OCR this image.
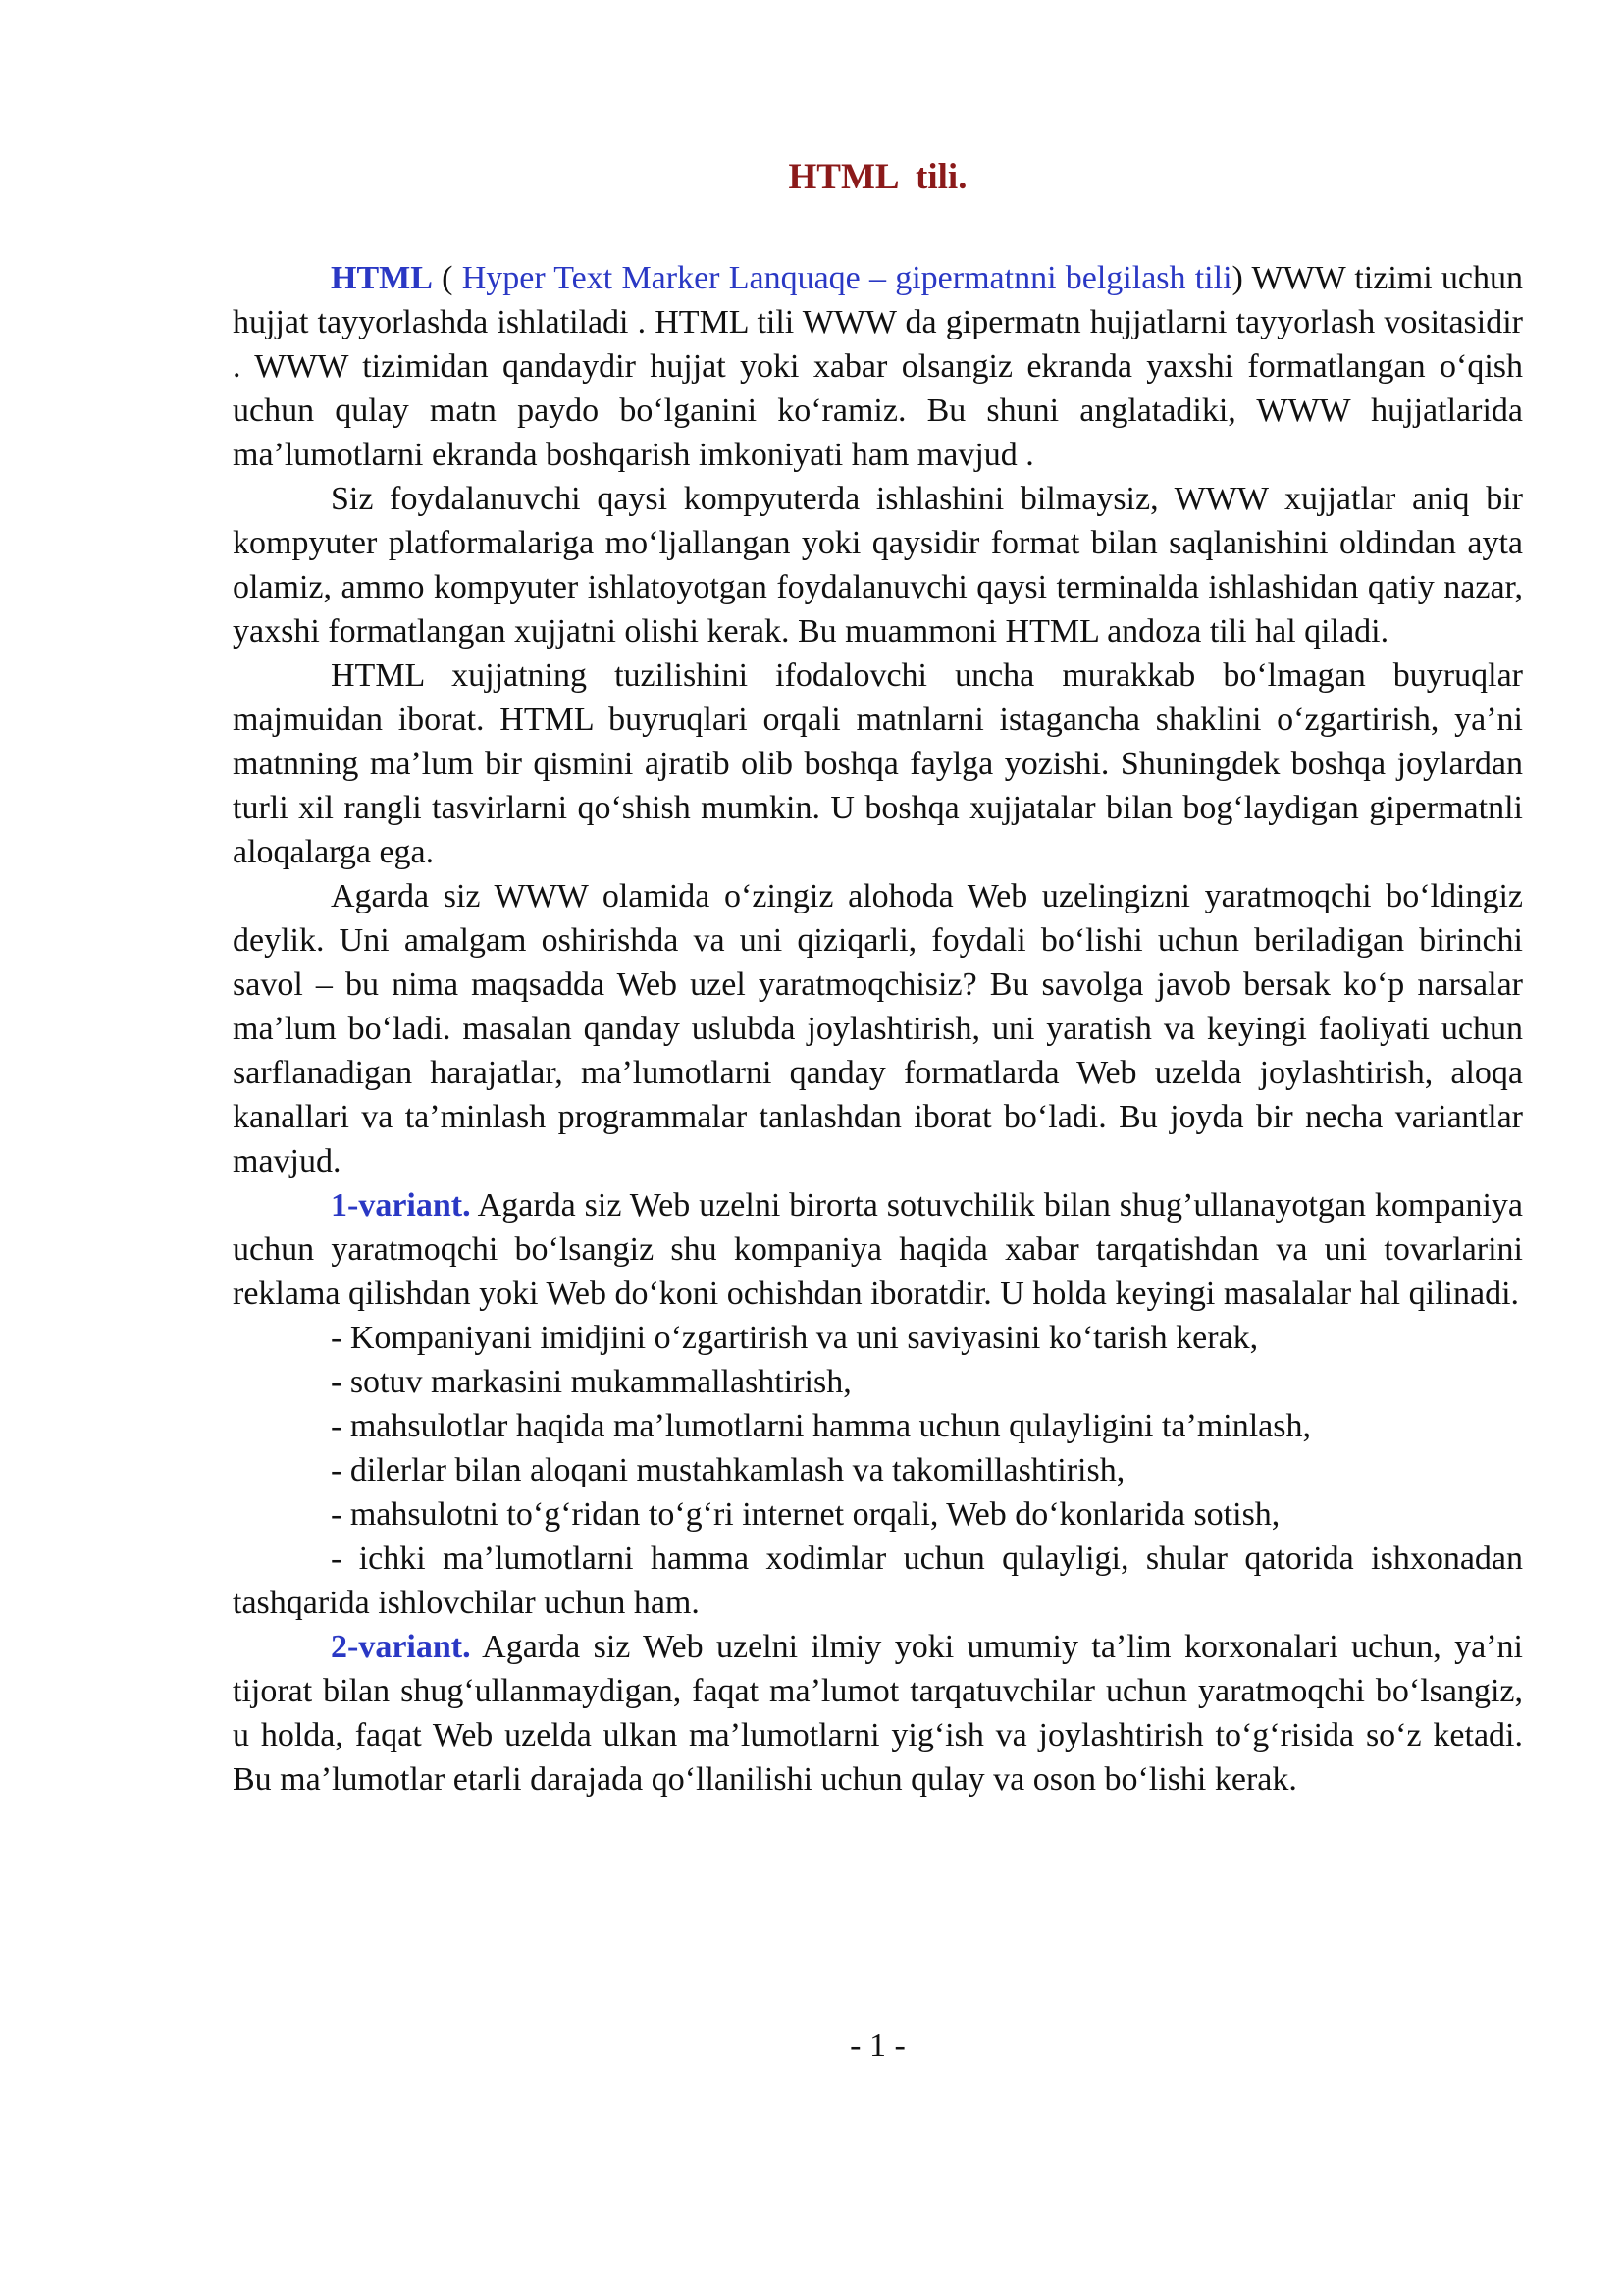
HTML  tili.

HTML ( Hyper Text Marker Lanquaqe – gipermatnni belgilash tili) WWW tizimi uchun hujjat tayyorlashda ishlatiladi . HTML tili WWW da gipermatn hujjatlarni tayyorlash vositasidir . WWW tizimidan qandaydir hujjat yoki xabar olsangiz ekranda yaxshi formatlangan oʻqish uchun qulay matn paydo boʻlganini koʻramiz. Bu shuni anglatadiki, WWW hujjatlarida maʼlumotlarni ekranda boshqarish imkoniyati ham mavjud .

Siz foydalanuvchi qaysi kompyuterda ishlashini bilmaysiz, WWW xujjatlar aniq bir kompyuter platformalariga moʻljallangan yoki qaysidir format bilan saqlanishini oldindan ayta olamiz, ammo kompyuter ishlatoyotgan foydalanuvchi qaysi terminalda ishlashidan qatiy nazar, yaxshi formatlangan xujjatni olishi kerak. Bu muammoni HTML andoza tili hal qiladi.

HTML xujjatning tuzilishini ifodalovchi uncha murakkab boʻlmagan buyruqlar majmuidan iborat. HTML buyruqlari orqali matnlarni istagancha shaklini oʻzgartirish, yaʼni matnning maʼlum bir qismini ajratib olib boshqa faylga yozishi. Shuningdek boshqa joylardan turli xil rangli tasvirlarni qoʻshish mumkin. U boshqa xujjatalar bilan bogʻlaydigan gipermatnli aloqalarga ega.

Agarda siz WWW olamida oʻzingiz alohoda Web uzelingizni yaratmoqchi boʻldingiz deylik. Uni amalgam oshirishda va uni qiziqarli, foydali boʻlishi uchun beriladigan birinchi savol – bu nima maqsadda Web uzel yaratmoqchisiz? Bu savolga javob bersak koʻp narsalar maʼlum boʻladi. masalan qanday uslubda joylashtirish, uni yaratish va keyingi faoliyati uchun sarflanadigan harajatlar, maʼlumotlarni qanday formatlarda Web uzelda joylashtirish, aloqa kanallari va taʼminlash programmalar tanlashdan iborat boʻladi. Bu joyda bir necha variantlar mavjud.

1-variant. Agarda siz Web uzelni birorta sotuvchilik bilan shug’ullanayotgan kompaniya uchun yaratmoqchi boʻlsangiz shu kompaniya haqida xabar tarqatishdan va uni tovarlarini reklama qilishdan yoki Web doʻkoni ochishdan iboratdir. U holda keyingi masalalar hal qilinadi.

- Kompaniyani imidjini oʻzgartirish va uni saviyasini koʻtarish kerak,

- sotuv markasini mukammallashtirish,

- mahsulotlar haqida maʼlumotlarni hamma uchun qulayligini taʼminlash,

- dilerlar bilan aloqani mustahkamlash va takomillashtirish,

- mahsulotni toʻgʻridan toʻgʻri internet orqali, Web doʻkonlarida sotish,

- ichki maʼlumotlarni hamma xodimlar uchun qulayligi, shular qatorida ishxonadan tashqarida ishlovchilar uchun ham.

2-variant. Agarda siz Web uzelni ilmiy yoki umumiy taʼlim korxonalari uchun, yaʼni tijorat bilan shugʻullanmaydigan, faqat maʼlumot tarqatuvchilar uchun yaratmoqchi boʻlsangiz, u holda, faqat Web uzelda ulkan maʼlumotlarni yigʻish va joylashtirish toʻgʻrisida soʻz ketadi. Bu maʼlumotlar etarli darajada qoʻllanilishi uchun qulay va oson boʻlishi kerak.

- 1 -
